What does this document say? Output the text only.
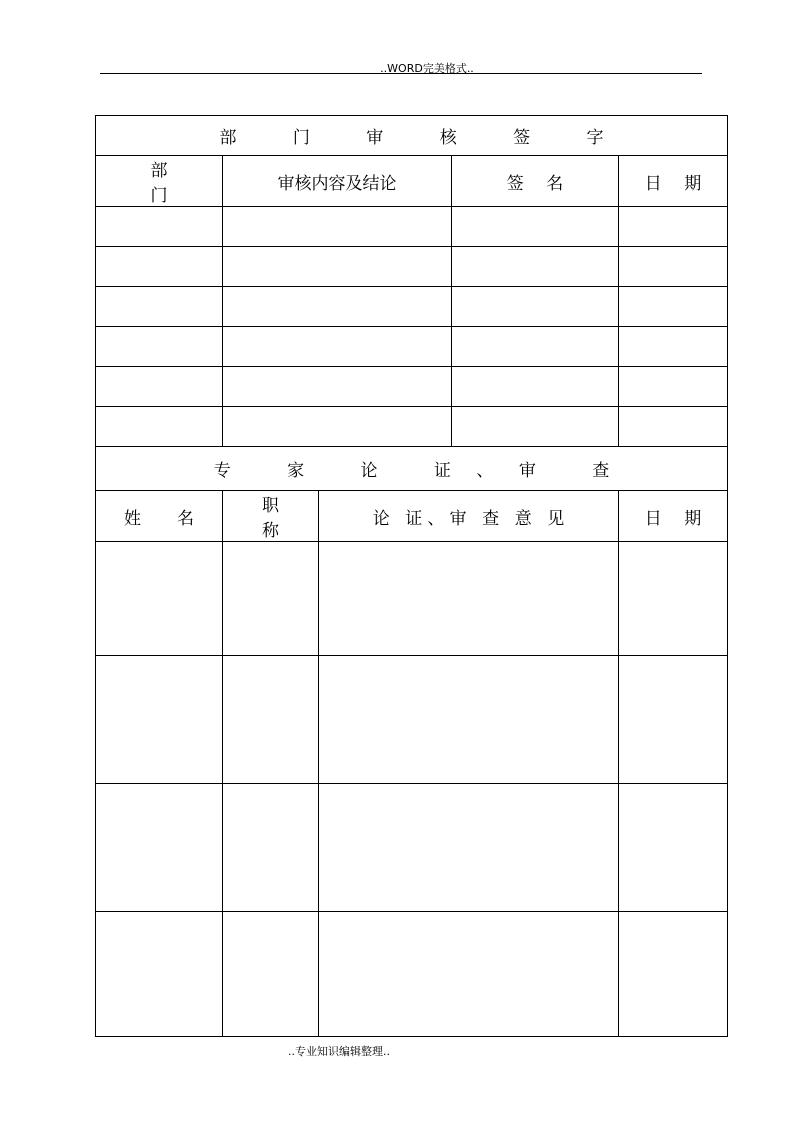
..WORD完美格式..
部 门 审 核 签 字				
部　 门	审核内容及结论		签 名	日 期

专 家 论 证、审 查				
姓 名	职 称	论 证、审 查 意 见		日 期

..专业知识编辑整理..
